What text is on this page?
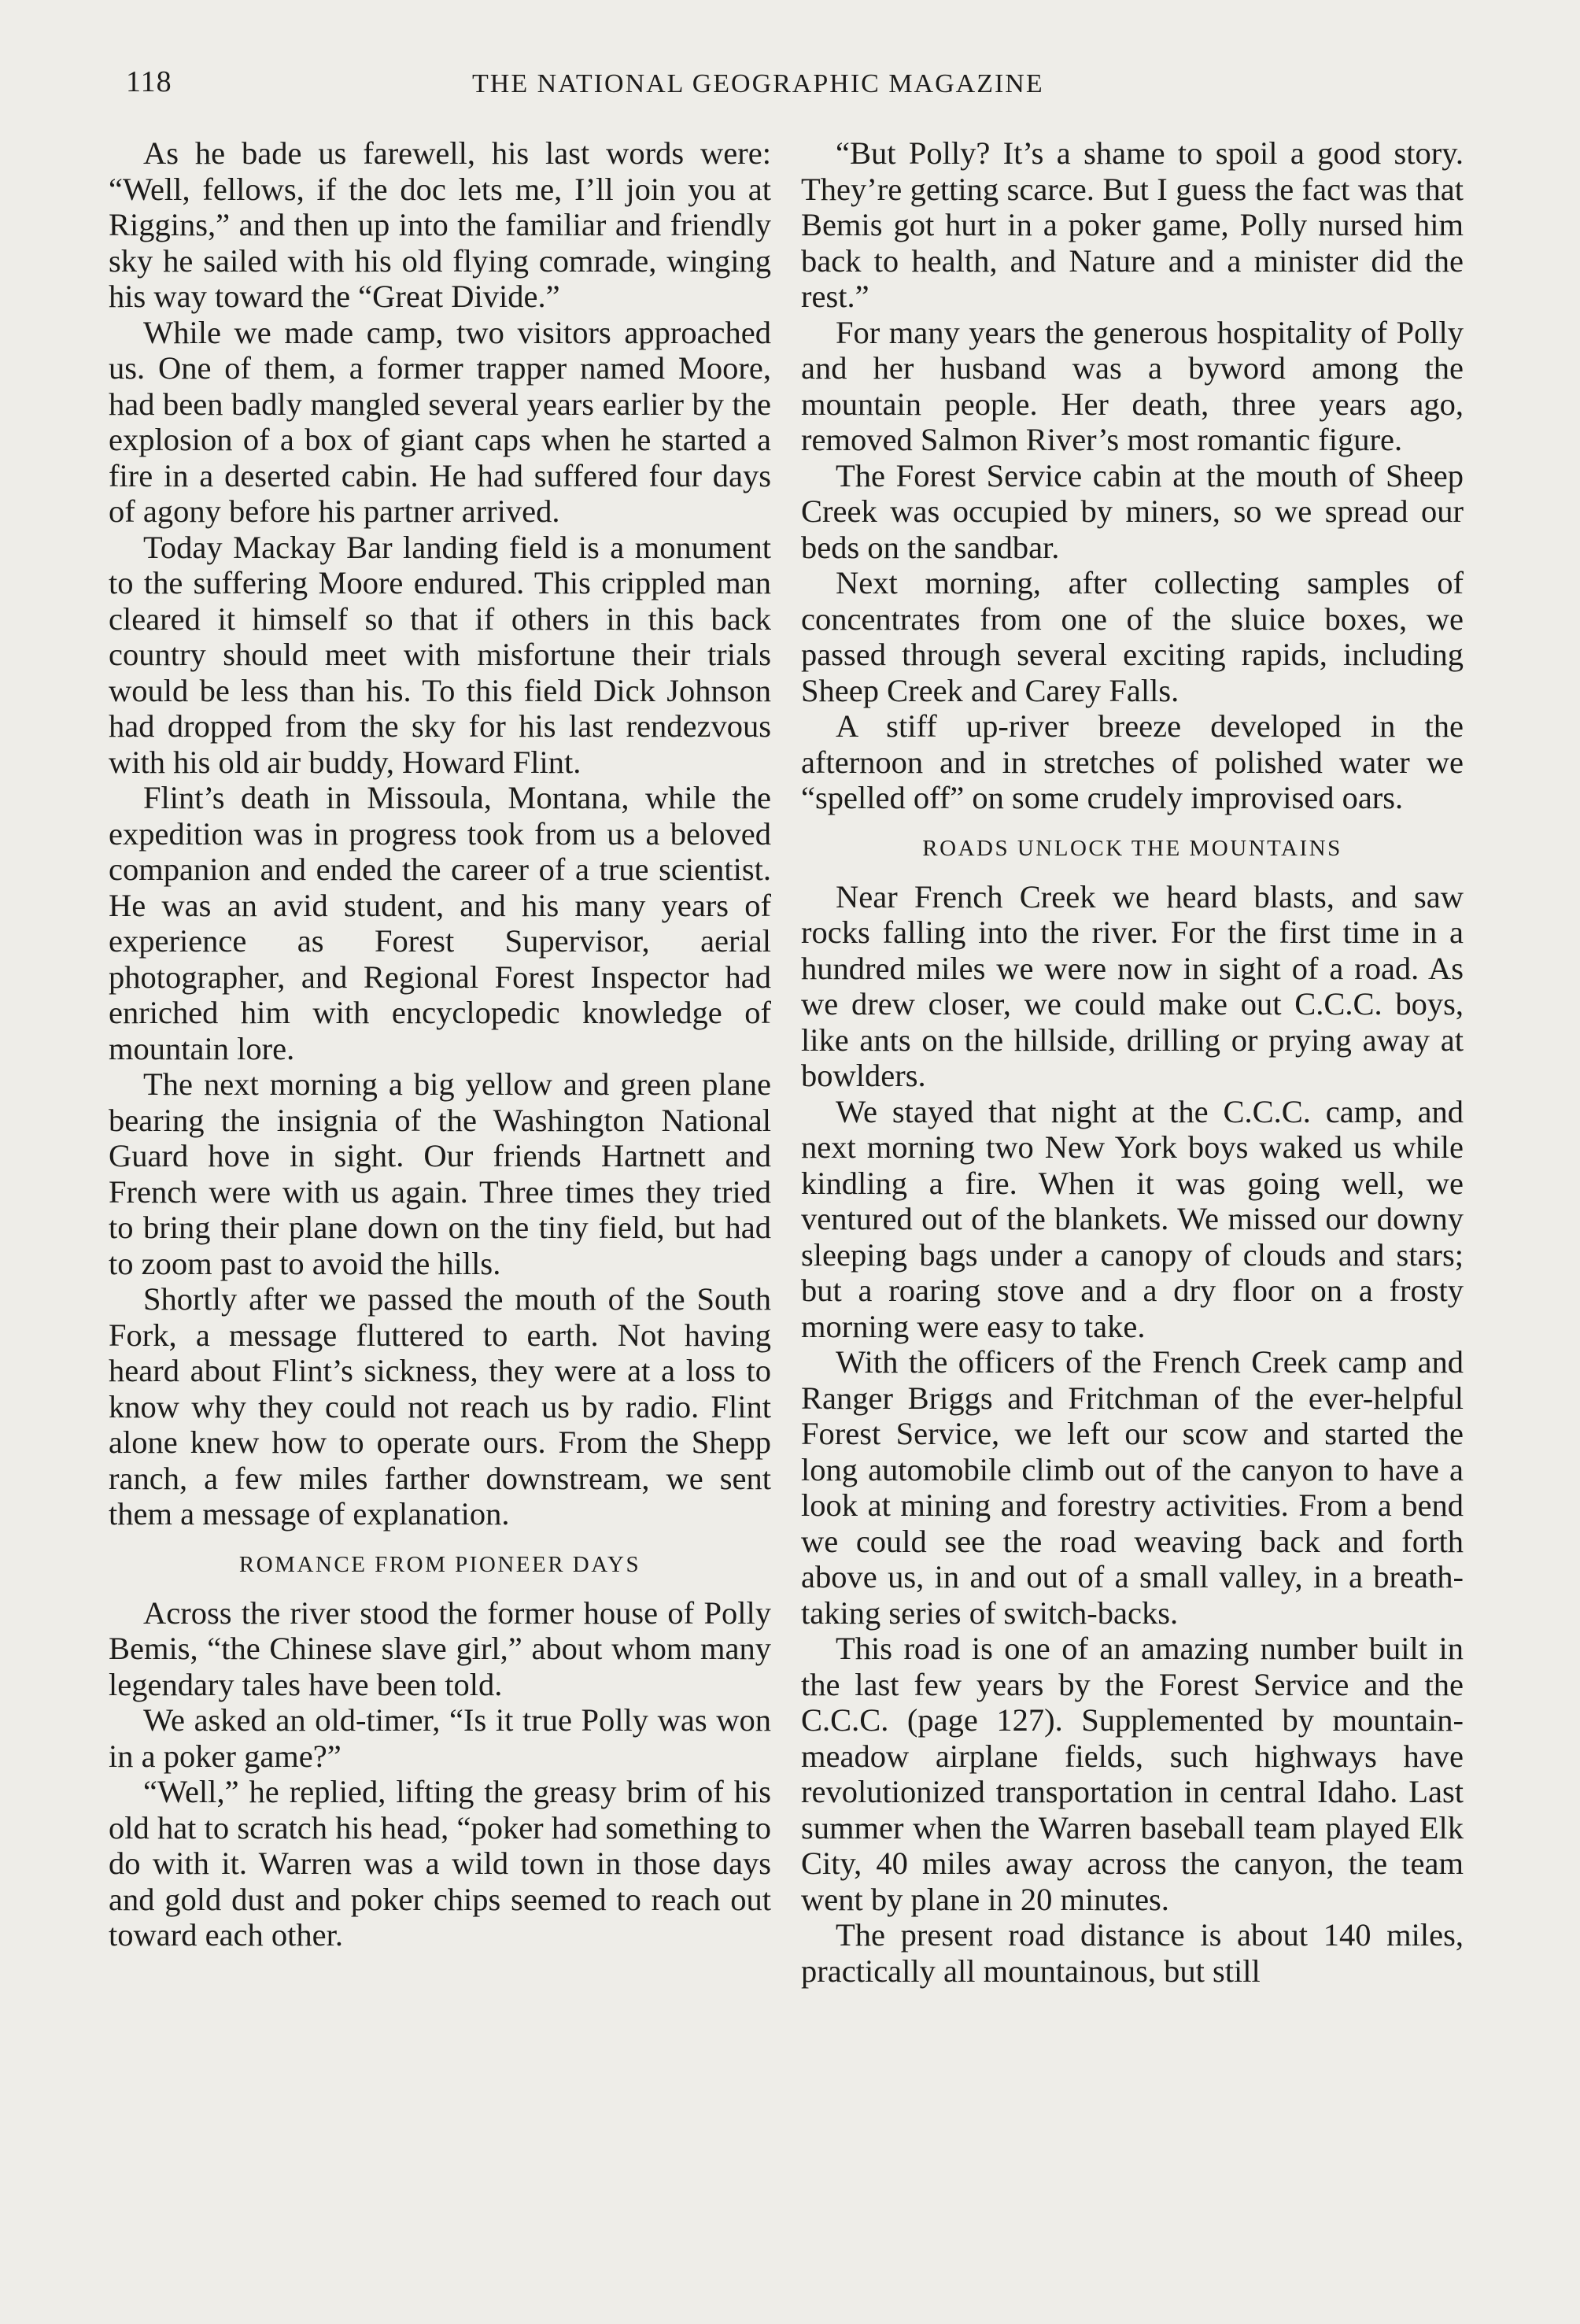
118	THE NATIONAL GEOGRAPHIC MAGAZINE

As he bade us farewell, his last words were: “Well, fellows, if the doc lets me, I’ll join you at Riggins,” and then up into the familiar and friendly sky he sailed with his old flying comrade, winging his way toward the “Great Divide.”

While we made camp, two visitors approached us. One of them, a former trapper named Moore, had been badly mangled several years earlier by the explosion of a box of giant caps when he started a fire in a deserted cabin. He had suffered four days of agony before his partner arrived.

Today Mackay Bar landing field is a monument to the suffering Moore endured. This crippled man cleared it himself so that if others in this back country should meet with misfortune their trials would be less than his. To this field Dick Johnson had dropped from the sky for his last rendezvous with his old air buddy, Howard Flint.

Flint’s death in Missoula, Montana, while the expedition was in progress took from us a beloved companion and ended the career of a true scientist. He was an avid student, and his many years of experience as Forest Supervisor, aerial photographer, and Regional Forest Inspector had enriched him with encyclopedic knowledge of mountain lore.

The next morning a big yellow and green plane bearing the insignia of the Washington National Guard hove in sight. Our friends Hartnett and French were with us again. Three times they tried to bring their plane down on the tiny field, but had to zoom past to avoid the hills.

Shortly after we passed the mouth of the South Fork, a message fluttered to earth. Not having heard about Flint’s sickness, they were at a loss to know why they could not reach us by radio. Flint alone knew how to operate ours. From the Shepp ranch, a few miles farther downstream, we sent them a message of explanation.

ROMANCE FROM PIONEER DAYS

Across the river stood the former house of Polly Bemis, “the Chinese slave girl,” about whom many legendary tales have been told.

We asked an old-timer, “Is it true Polly was won in a poker game?”

“Well,” he replied, lifting the greasy brim of his old hat to scratch his head, “poker had something to do with it. Warren was a wild town in those days and gold dust and poker chips seemed to reach out toward each other.

“But Polly? It’s a shame to spoil a good story. They’re getting scarce. But I guess the fact was that Bemis got hurt in a poker game, Polly nursed him back to health, and Nature and a minister did the rest.”

For many years the generous hospitality of Polly and her husband was a byword among the mountain people. Her death, three years ago, removed Salmon River’s most romantic figure.

The Forest Service cabin at the mouth of Sheep Creek was occupied by miners, so we spread our beds on the sandbar.

Next morning, after collecting samples of concentrates from one of the sluice boxes, we passed through several exciting rapids, including Sheep Creek and Carey Falls.

A stiff up-river breeze developed in the afternoon and in stretches of polished water we “spelled off” on some crudely improvised oars.

ROADS UNLOCK THE MOUNTAINS

Near French Creek we heard blasts, and saw rocks falling into the river. For the first time in a hundred miles we were now in sight of a road. As we drew closer, we could make out C.C.C. boys, like ants on the hillside, drilling or prying away at bowlders.

We stayed that night at the C.C.C. camp, and next morning two New York boys waked us while kindling a fire. When it was going well, we ventured out of the blankets. We missed our downy sleeping bags under a canopy of clouds and stars; but a roaring stove and a dry floor on a frosty morning were easy to take.

With the officers of the French Creek camp and Ranger Briggs and Fritchman of the ever-helpful Forest Service, we left our scow and started the long automobile climb out of the canyon to have a look at mining and forestry activities. From a bend we could see the road weaving back and forth above us, in and out of a small valley, in a breath-taking series of switch-backs.

This road is one of an amazing number built in the last few years by the Forest Service and the C.C.C. (page 127). Supplemented by mountain-meadow airplane fields, such highways have revolutionized transportation in central Idaho. Last summer when the Warren baseball team played Elk City, 40 miles away across the canyon, the team went by plane in 20 minutes.

The present road distance is about 140 miles, practically all mountainous, but still
